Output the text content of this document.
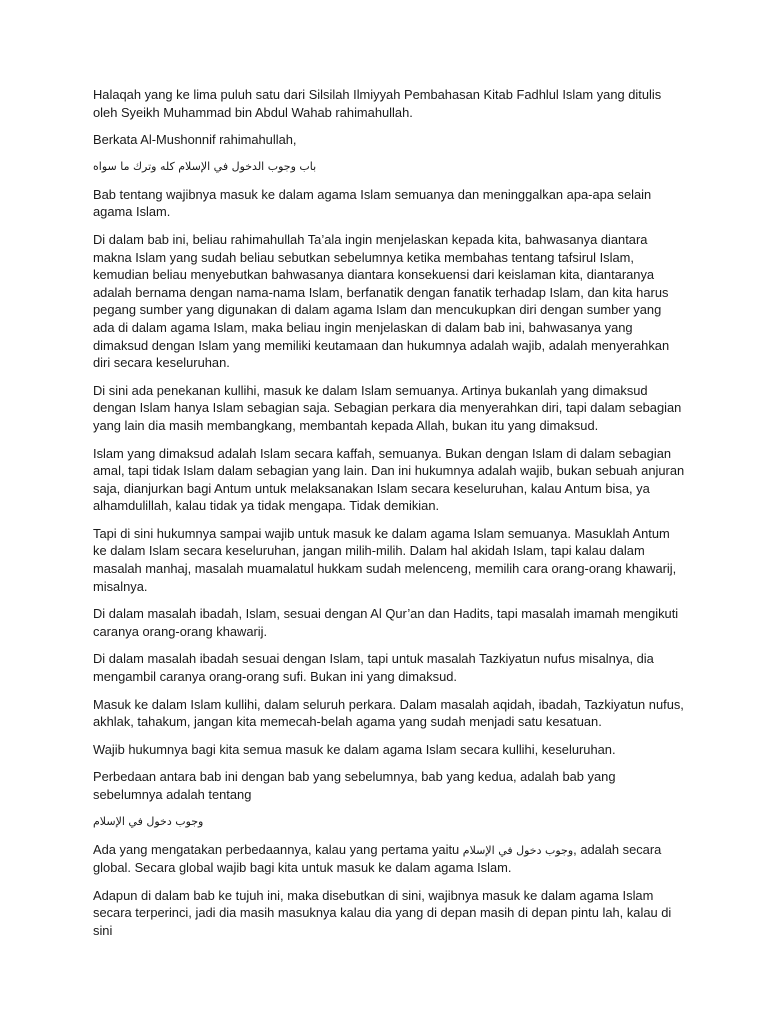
Halaqah yang ke lima puluh satu dari Silsilah Ilmiyyah Pembahasan Kitab Fadhlul Islam yang ditulis oleh Syeikh Muhammad bin Abdul Wahab rahimahullah.

Berkata Al-Mushonnif rahimahullah,

باب وجوب الدخول في الإسلام كله وترك ما سواه

Bab tentang wajibnya masuk ke dalam agama Islam semuanya dan meninggalkan apa-apa selain agama Islam.

Di dalam bab ini, beliau rahimahullah Ta’ala ingin menjelaskan kepada kita, bahwasanya diantara makna Islam yang sudah beliau sebutkan sebelumnya ketika membahas tentang tafsirul Islam, kemudian beliau menyebutkan bahwasanya diantara konsekuensi dari keislaman kita, diantaranya adalah bernama dengan nama-nama Islam, berfanatik dengan fanatik terhadap Islam, dan kita harus pegang sumber yang digunakan di dalam agama Islam dan mencukupkan diri dengan sumber yang ada di dalam agama Islam, maka beliau ingin menjelaskan di dalam bab ini, bahwasanya yang dimaksud dengan Islam yang memiliki keutamaan dan hukumnya adalah wajib, adalah menyerahkan diri secara keseluruhan.

Di sini ada penekanan kullihi, masuk ke dalam Islam semuanya. Artinya bukanlah yang dimaksud dengan Islam hanya Islam sebagian saja. Sebagian perkara dia menyerahkan diri, tapi dalam sebagian yang lain dia masih membangkang, membantah kepada Allah, bukan itu yang dimaksud.

Islam yang dimaksud adalah Islam secara kaffah, semuanya. Bukan dengan Islam di dalam sebagian amal, tapi tidak Islam dalam sebagian yang lain. Dan ini hukumnya adalah wajib, bukan sebuah anjuran saja, dianjurkan bagi Antum untuk melaksanakan Islam secara keseluruhan, kalau Antum bisa, ya alhamdulillah, kalau tidak ya tidak mengapa. Tidak demikian.

Tapi di sini hukumnya sampai wajib untuk masuk ke dalam agama Islam semuanya. Masuklah Antum ke dalam Islam secara keseluruhan, jangan milih-milih. Dalam hal akidah Islam, tapi kalau dalam masalah manhaj, masalah muamalatul hukkam sudah melenceng, memilih cara orang-orang khawarij, misalnya.

Di dalam masalah ibadah, Islam, sesuai dengan Al Qur’an dan Hadits, tapi masalah imamah mengikuti caranya orang-orang khawarij.

Di dalam masalah ibadah sesuai dengan Islam, tapi untuk masalah Tazkiyatun nufus misalnya, dia mengambil caranya orang-orang sufi. Bukan ini yang dimaksud.

Masuk ke dalam Islam kullihi, dalam seluruh perkara. Dalam masalah aqidah, ibadah, Tazkiyatun nufus, akhlak, tahakum, jangan kita memecah-belah agama yang sudah menjadi satu kesatuan.

Wajib hukumnya bagi kita semua masuk ke dalam agama Islam secara kullihi, keseluruhan.

Perbedaan antara bab ini dengan bab yang sebelumnya, bab yang kedua, adalah bab yang sebelumnya adalah tentang

وجوب دخول في الإسلام

Ada yang mengatakan perbedaannya, kalau yang pertama yaitu وجوب دخول في الإسلام, adalah secara global. Secara global wajib bagi kita untuk masuk ke dalam agama Islam.

Adapun di dalam bab ke tujuh ini, maka disebutkan di sini, wajibnya masuk ke dalam agama Islam secara terperinci, jadi dia masih masuknya kalau dia yang di depan masih di depan pintu lah, kalau di sini
